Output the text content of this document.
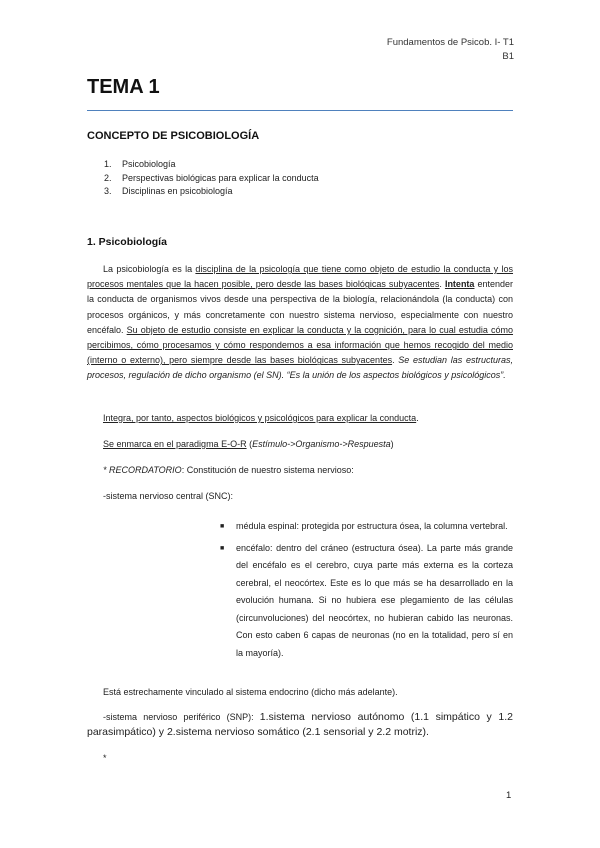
Fundamentos de Psicob. I- T1
B1
TEMA 1
CONCEPTO DE PSICOBIOLOGÍA
1.	Psicobiología
2.	Perspectivas biológicas para explicar la conducta
3.	Disciplinas en psicobiología
1. Psicobiología
La psicobiología es la disciplina de la psicología que tiene como objeto de estudio la conducta y los procesos mentales que la hacen posible, pero desde las bases biológicas subyacentes. Intenta entender la conducta de organismos vivos desde una perspectiva de la biología, relacionándola (la conducta) con procesos orgánicos, y más concretamente con nuestro sistema nervioso, especialmente con nuestro encéfalo. Su objeto de estudio consiste en explicar la conducta y la cognición, para lo cual estudia cómo percibimos, cómo procesamos y cómo respondemos a esa información que hemos recogido del medio (interno o externo), pero siempre desde las bases biológicas subyacentes. Se estudian las estructuras, procesos, regulación de dicho organismo (el SN). “Es la unión de los aspectos biológicos y psicológicos”.
Integra, por tanto, aspectos biológicos y psicológicos para explicar la conducta.
Se enmarca en el paradigma E-O-R (Estímulo->Organismo->Respuesta)
* RECORDATORIO: Constitución de nuestro sistema nervioso:
-sistema nervioso central (SNC):
■ médula espinal: protegida por estructura ósea, la columna vertebral.
■ encéfalo: dentro del cráneo (estructura ósea). La parte más grande del encéfalo es el cerebro, cuya parte más externa es la corteza cerebral, el neocórtex. Este es lo que más se ha desarrollado en la evolución humana. Si no hubiera ese plegamiento de las células (circunvoluciones) del neocórtex, no hubieran cabido las neuronas. Con esto caben 6 capas de neuronas (no en la totalidad, pero sí en la mayoría).
Está estrechamente vinculado al sistema endocrino (dicho más adelante).
-sistema nervioso periférico (SNP): 1.sistema nervioso autónomo (1.1 simpático y 1.2 parasimpático) y 2.sistema nervioso somático (2.1 sensorial y 2.2 motriz).
*
1
